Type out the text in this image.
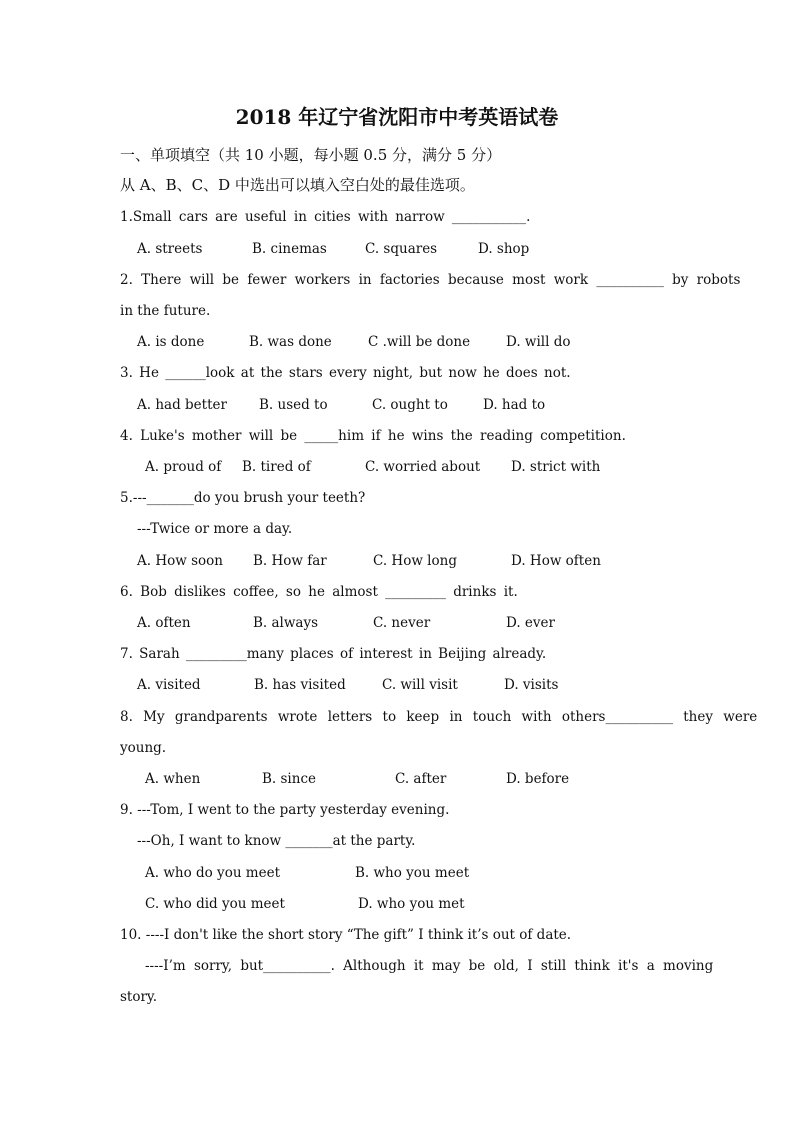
2018 年辽宁省沈阳市中考英语试卷
一、单项填空（共 10 小题，每小题 0.5 分，满分 5 分）
从 A、B、C、D 中选出可以填入空白处的最佳选项。
1.Small cars are useful in cities with narrow ___________.
A. streets	B. cinemas	C. squares	D. shop
2. There will be fewer workers in factories because most work __________ by robots
in the future.
A. is done	B. was done	C .will be done	D. will do
3. He ______look at the stars every night, but now he does not.
A. had better B. used to	C. ought to	D. had to
4. Luke's mother will be _____him if he wins the reading competition.
A. proud of B. tired of	C. worried about D. strict with
5.---_______do you brush your teeth?
---Twice or more a day.
A. How soon B. How far	C. How long	D. How often
6. Bob dislikes coffee, so he almost _________ drinks it.
A. often	B. always	C. never	D. ever
7. Sarah _________many places of interest in Beijing already.
A. visited	B. has visited	C. will visit	D. visits
8. My grandparents wrote letters to keep in touch with others__________ they were
young.
A. when	B. since	C. after	D. before
9. ---Tom, I went to the party yesterday evening.
---Oh, I want to know _______at the party.
A. who do you meet	B. who you meet
C. who did you meet	D. who you met
10. ----I don't like the short story “The gift” I think it’s out of date.
----I’m sorry, but__________. Although it may be old, I still think it's a moving
story.
